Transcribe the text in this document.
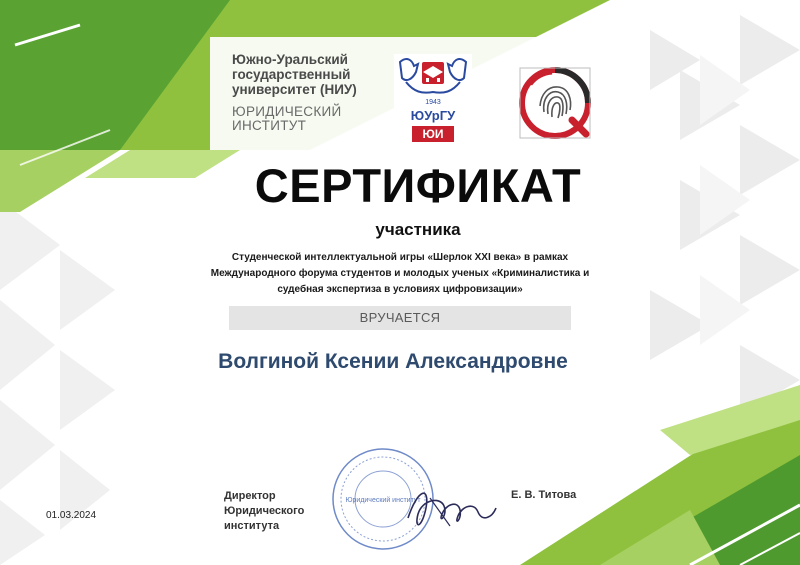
Южно-Уральский
государственный
университет (НИУ)
ЮРИДИЧЕСКИЙ
ИНСТИТУТ
1943
ЮУрГУ
ЮИ
СЕРТИФИКАТ
участника
Студенческой интеллектуальной игры «Шерлок XXI века» в рамках
Международного форума студентов и молодых ученых «Криминалистика и
судебная экспертиза в условиях цифровизации»
ВРУЧАЕТСЯ
Волгиной Ксении Александровне
01.03.2024
Директор
Юридического
института
Е. В. Титова
Юридический институт
